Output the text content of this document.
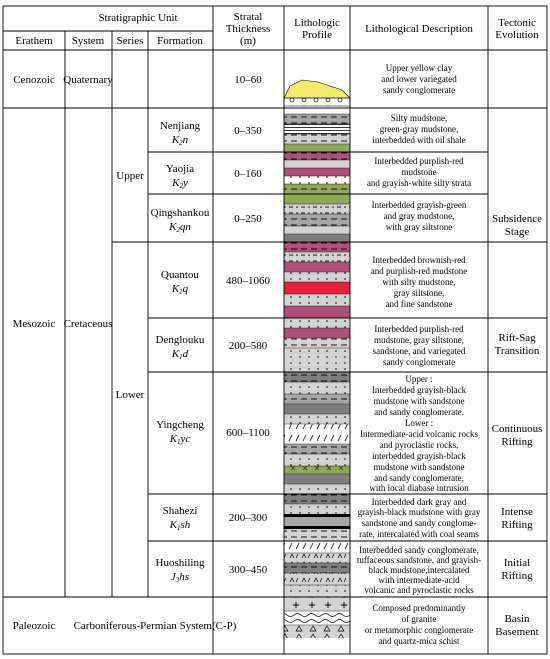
Stratigraphic Unit
Erathem System Series Formation
Stratal
Thickness
(m)
Lithologic
Profile	Lithological Description Tectonic
Evolution
Cenozoic
Mesozoic
Paleozoic
Quaternary
Cretaceous
Carboniferous-Permian System(C-P)
Upper
Lower
Nenjiang
K2n
Yaojia
K2y
Qingshankou
K2qn
Quantou
K1q
Denglouku
K1d
Yingcheng
K1yc
Shahezi
K1sh
Huoshiling
J3hs
10–60
0–350
0–160
0–250
480–1060
200–580
600–1100
200–300
300–450
Upper yellow clay
and lower variegated
sandy conglomerate
Silty mudstone,
green-gray mudstone,
interbedded with oil shale
Interbedded purplish-red
mudstone
and grayish-white silty strata
Interbedded grayish-green
and gray mudstone,
with gray siltstone
Interbedded brownish-red
and purplish-red mudstone
with silty mudstone,
gray siltstone,
and fine sandstone
Interbedded purplish-red
mudstone, gray siltstone,
sandstone, and variegated
sandy conglomerate
Upper :
Interbedded grayish-black
mudstone with sandstone
and sandy conglomerate.
Lower :
Intermediate-acid volcanic rocks
and pyroclastic rocks,
interbedded grayish-black
mudstone with sandstone
and sandy conglomerate,
with local diabase intrusion
Interbedded dark gray and
grayish-black mudstone with gray
sandstone and sandy conglome-
rate, intercalated with coal seams
Interbedded sandy conglomerate,
tuffaceous sandstone, and grayish-
black mudstone,intercalated
with intermediate-acid
volcanic and pyroclastic rocks
Composed predominantly
of granite
or metamorphic conglomerate
and quartz-mica schist
Subsidence
Stage
Rift-Sag
Transition
Continuous
Rifting
Intense
Rifting
Initial
Rifting
Basin
Basement
